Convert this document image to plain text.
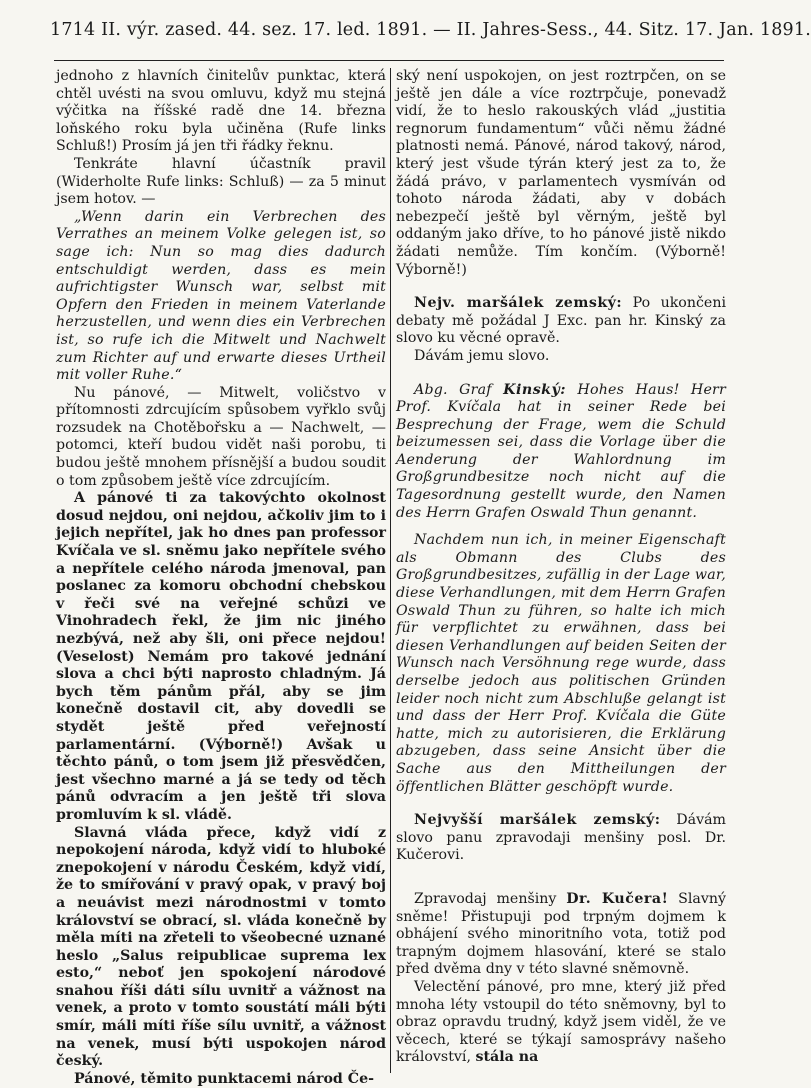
1714 II. výr. zased. 44. sez. 17. led. 1891. — II. Jahres-Sess., 44. Sitz. 17. Jan. 1891.

jednoho z hlavních činitelův punktac, která chtěl uvésti na svou omluvu, když mu stejná výčitka na říšské radě dne 14. března loňského roku byla učiněna (Rufe links Schluß!) Prosím já jen tři řádky řeknu.

Tenkráte hlavní účastník pravil (Widerholte Rufe links: Schluß) — za 5 minut jsem hotov. —

„Wenn darin ein Verbrechen des Verrathes an meinem Volke gelegen ist, so sage ich: Nun so mag dies dadurch entschuldigt werden, dass es mein aufrichtigster Wunsch war, selbst mit Opfern den Frieden in meinem Vaterlande herzustellen, und wenn dies ein Verbrechen ist, so rufe ich die Mitwelt und Nachwelt zum Richter auf und erwarte dieses Urtheil mit voller Ruhe.“

Nu pánové, — Mitwelt, voličstvo v přítomnosti zdrcujícím spůsobem vyřklo svůj rozsudek na Chotěbořsku a — Nachwelt, — potomci, kteří budou vidět naši porobu, ti budou ještě mnohem přísnější a budou soudit o tom způsobem ještě více zdrcujícím.

A pánové ti za takovýchto okolnost dosud nejdou, oni nejdou, ačkoliv jim to i jejich nepřítel, jak ho dnes pan professor Kvíčala ve sl. sněmu jako nepřítele svého a nepřítele celého národa jmenoval, pan poslanec za komoru obchodní chebskou v řeči své na veřejné schůzi ve Vinohradech řekl, že jim nic jiného nezbývá, než aby šli, oni přece nejdou! (Veselost) Nemám pro takové jednání slova a chci býti naprosto chladným. Já bych těm pánům přál, aby se jim konečně dostavil cit, aby dovedli se stydět ještě před veřejností parlamentární. (Výborně!) Avšak u těchto pánů, o tom jsem již přesvědčen, jest všechno marné a já se tedy od těch pánů odvracím a jen ještě tři slova promluvím k sl. vládě.

Slavná vláda přece, když vidí z nepokojení národa, když vidí to hluboké znepokojení v národu Českém, když vidí, že to smířování v pravý opak, v pravý boj a neuávist mezi národnostmi v tomto království se obrací, sl. vláda konečně by měla míti na zřeteli to všeobecné uznané heslo „Salus reipublicae suprema lex esto,“ neboť jen spokojení národové snahou říši dáti sílu uvnitř a vážnost na venek, a proto v tomto soustátí máli býti smír, máli míti říše sílu uvnitř, a vážnost na venek, musí býti uspokojen národ český.

Pánové, těmito punktacemi národ Če-

ský není uspokojen, on jest roztrpčen, on se ještě jen dále a více roztrpčuje, ponevadž vidí, že to heslo rakouských vlád „justitia regnorum fundamentum“ vůči němu žádné platnosti nemá. Pánové, národ takový, národ, který jest všude týrán který jest za to, že žádá právo, v parlamentech vysmíván od tohoto národa žádati, aby v dobách nebezpečí ještě byl věrným, ještě byl oddaným jako dříve, to ho pánové jistě nikdo žádati nemůže. Tím končím. (Výborně! Výborně!)

Nejv. maršálek zemský: Po ukončeni debaty mě požádal J Exc. pan hr. Kinský za slovo ku věcné opravě.

Dávám jemu slovo.

Abg. Graf Kinský: Hohes Haus! Herr Prof. Kvíčala hat in seiner Rede bei Besprechung der Frage, wem die Schuld beizumessen sei, dass die Vorlage über die Aenderung der Wahlordnung im Großgrundbesitze noch nicht auf die Tagesordnung gestellt wurde, den Namen des Herrn Grafen Oswald Thun genannt.

Nachdem nun ich, in meiner Eigenschaft als Obmann des Clubs des Großgrundbesitzes, zufällig in der Lage war, diese Verhandlungen, mit dem Herrn Grafen Oswald Thun zu führen, so halte ich mich für verpflichtet zu erwähnen, dass bei diesen Verhandlungen auf beiden Seiten der Wunsch nach Versöhnung rege wurde, dass derselbe jedoch aus politischen Gründen leider noch nicht zum Abschluße gelangt ist und dass der Herr Prof. Kvíčala die Güte hatte, mich zu autorisieren, die Erklärung abzugeben, dass seine Ansicht über die Sache aus den Mittheilungen der öffentlichen Blätter geschöpft wurde.

Nejvyšší maršálek zemský: Dávám slovo panu zpravodaji menšiny posl. Dr. Kučerovi.

Zpravodaj menšiny Dr. Kučera! Slavný sněme! Přistupuji pod trpným dojmem k obhájení svého minoritního vota, totiž pod trapným dojmem hlasování, které se stalo před dvěma dny v této slavné sněmovně.

Velectění pánové, pro mne, který již před mnoha léty vstoupil do této sněmovny, byl to obraz opravdu trudný, když jsem viděl, že ve věcech, které se týkají samosprávy našeho království, stála na
